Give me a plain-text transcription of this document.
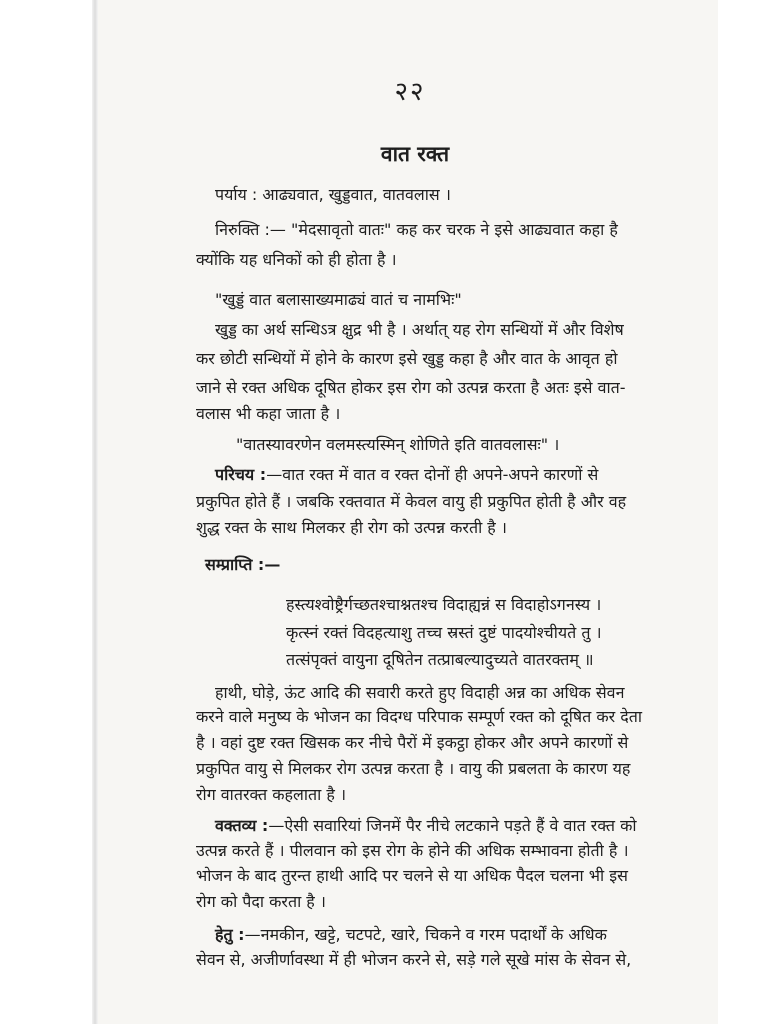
२२
वात रक्त
पर्याय : आढ्यवात, खुड्डवात, वातवलास ।
निरुक्ति :— "मेदसावृतो वातः" कह कर चरक ने इसे आढ्यवात कहा है
क्योंकि यह धनिकों को ही होता है ।
"खुड्डं वात बलासाख्यमाढ्यं वातं च नामभिः"
खुड्ड का अर्थ सन्धिऽत्र क्षुद्र भी है । अर्थात् यह रोग सन्धियों में और विशेष
कर छोटी सन्धियों में होने के कारण इसे खुड्ड कहा है और वात के आवृत हो
जाने से रक्त अधिक दूषित होकर इस रोग को उत्पन्न करता है अतः इसे वात-
वलास भी कहा जाता है ।
"वातस्यावरणेन वलमस्त्यस्मिन् शोणिते इति वातवलासः" ।
परिचय :—वात रक्त में वात व रक्त दोनों ही अपने-अपने कारणों से
प्रकुपित होते हैं । जबकि रक्तवात में केवल वायु ही प्रकुपित होती है और वह
शुद्ध रक्त के साथ मिलकर ही रोग को उत्पन्न करती है ।
सम्प्राप्ति :—
हस्त्यश्वोष्ट्रैर्गच्छतश्चाश्नतश्च विदाह्यन्नं स विदाहोऽगनस्य ।
कृत्स्नं रक्तं विदहत्याशु तच्च स्रस्तं दुष्टं पादयोश्चीयते तु ।
तत्संपृक्तं वायुना दूषितेन तत्प्राबल्यादुच्यते वातरक्तम् ॥
हाथी, घोड़े, ऊंट आदि की सवारी करते हुए विदाही अन्न का अधिक सेवन
करने वाले मनुष्य के भोजन का विदग्ध परिपाक सम्पूर्ण रक्त को दूषित कर देता
है । वहां दुष्ट रक्त खिसक कर नीचे पैरों में इकट्ठा होकर और अपने कारणों से
प्रकुपित वायु से मिलकर रोग उत्पन्न करता है । वायु की प्रबलता के कारण यह
रोग वातरक्त कहलाता है ।
वक्तव्य :—ऐसी सवारियां जिनमें पैर नीचे लटकाने पड़ते हैं वे वात रक्त को
उत्पन्न करते हैं । पीलवान को इस रोग के होने की अधिक सम्भावना होती है ।
भोजन के बाद तुरन्त हाथी आदि पर चलने से या अधिक पैदल चलना भी इस
रोग को पैदा करता है ।
हेतु :—नमकीन, खट्टे, चटपटे, खारे, चिकने व गरम पदार्थों के अधिक
सेवन से, अजीर्णावस्था में ही भोजन करने से, सड़े गले सूखे मांस के सेवन से,
